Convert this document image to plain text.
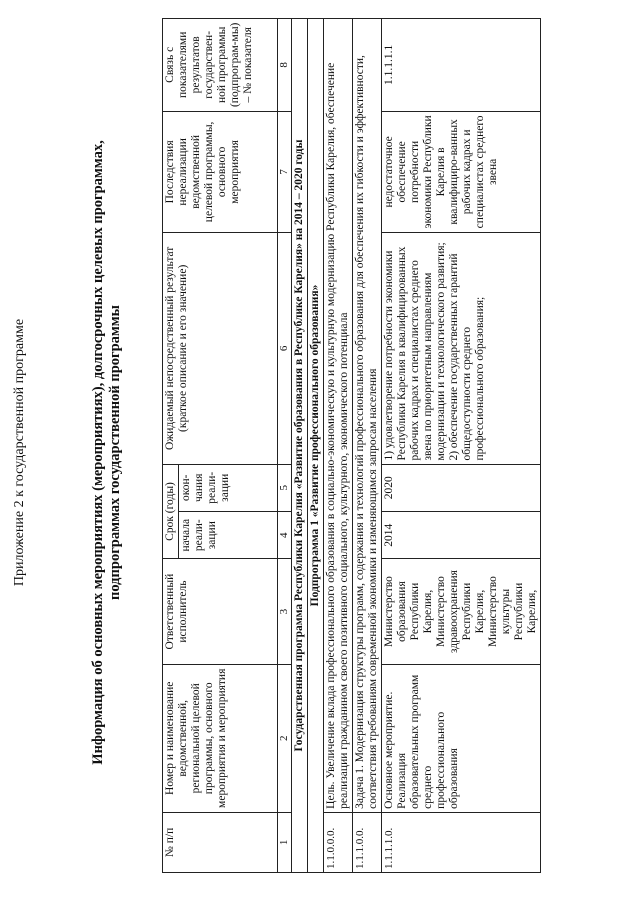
Приложение 2 к государственной программе	Информация об основных мероприятиях (мероприятиях), долгосрочных целевых программах, подпрограммах государственной программы
№ п/п	Номер и наименование ведомственной, региональной целевой программы, основного мероприятия и мероприятия	Ответственный исполнитель	Срок (годы)		Ожидаемый непосредственный результат (краткое описание и его значение)	Последствия нереализации ведомственной целевой программы, основного мероприятия	Связь с показателями результатов государствен-ной программы (подпрограм-мы) – № показателя
			начала реали-зации	окон-чания реали-зации			
1	2	3	4	5	6	7	8
Государственная программа Республики Карелия «Развитие образования в Республике Карелия» на 2014 – 2020 годы							
Подпрограмма 1 «Развитие профессионального образования»							
1.1.0.0.0.	Цель. Увеличение вклада профессионального образования в социально-экономическую и культурную модернизацию Республики Карелия, обеспечение реализации гражданином своего позитивного социального, культурного, экономического потенциала						
1.1.1.0.0.	Задача 1. Модернизация структуры программ, содержания и технологий профессионального образования для обеспечения их гибкости и эффективности, соответствия требованиям современной экономики и изменяющимся запросам населения						
1.1.1.1.0.	Основное мероприятие. Реализация образовательных программ среднего профессионального образования	Министерство образования Республики Карелия, Министерство здравоохранения Республики Карелия, Министерство культуры Республики Карелия,	2014	2020	1) удовлетворение потребности экономики Республики Карелия в квалифицированных рабочих кадрах и специалистах среднего звена по приоритетным направлениям модернизации и технологического развития; 2) обеспечение государственных гарантий общедоступности среднего профессионального образования;	недостаточное обеспечение потребности экономики Республики Карелия в квалифициро-ванных рабочих кадрах и специалистах среднего звена	1.1.1.1.1
